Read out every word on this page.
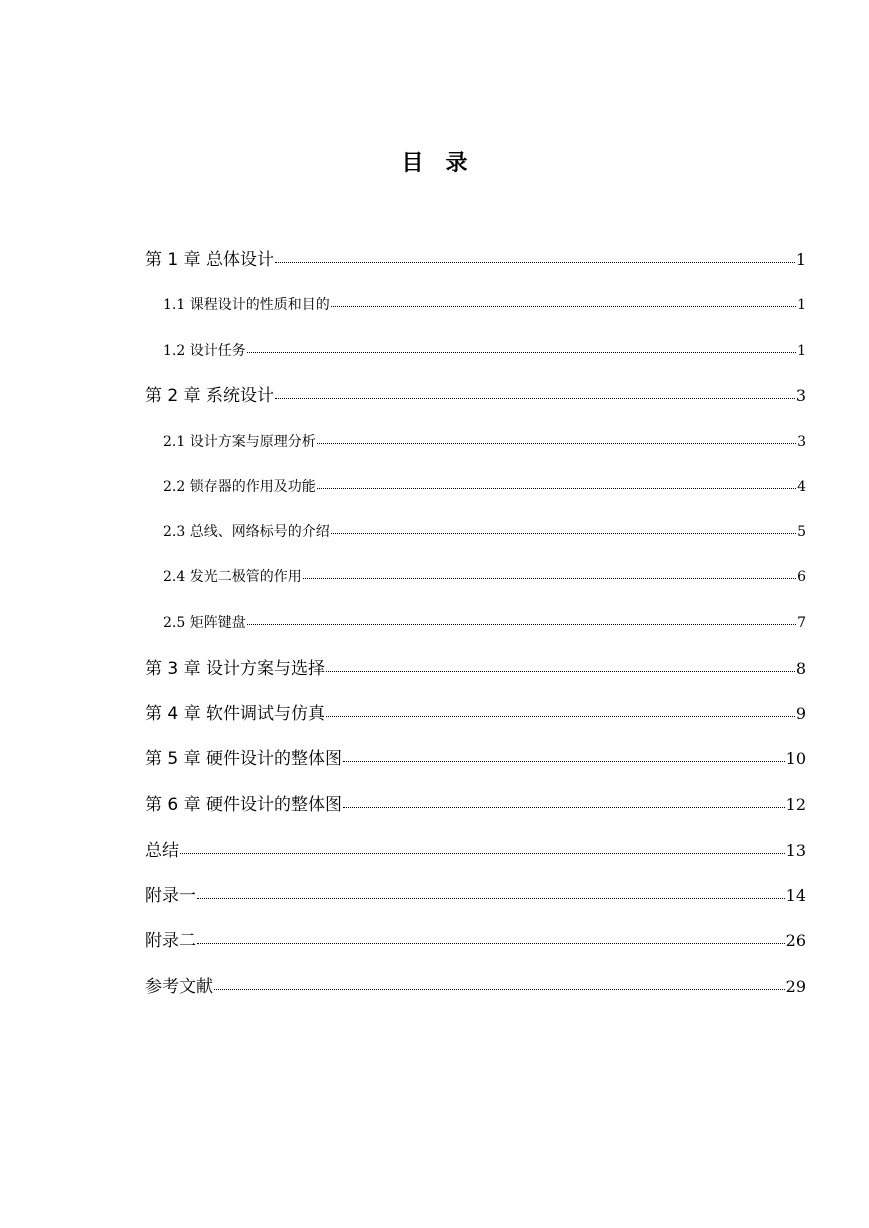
目　录
第 1 章 总体设计	1
1.1 课程设计的性质和目的	1
1.2 设计任务	1
第 2 章 系统设计	3
2.1 设计方案与原理分析	3
2.2 锁存器的作用及功能	4
2.3 总线、网络标号的介绍	5
2.4 发光二极管的作用	6
2.5 矩阵键盘	7
第 3 章 设计方案与选择	8
第 4 章 软件调试与仿真	9
第 5 章 硬件设计的整体图	10
第 6 章 硬件设计的整体图	12
总结	13
附录一	14
附录二	26
参考文献	29
